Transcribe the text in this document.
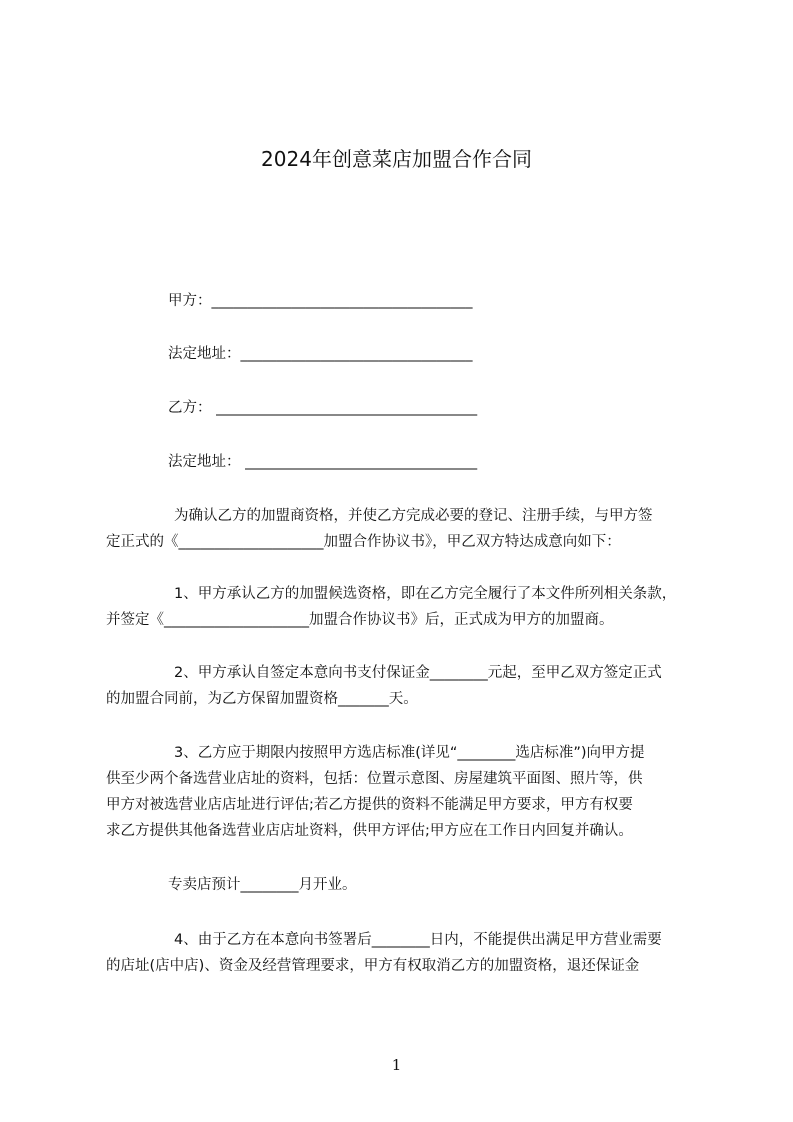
2024年创意菜店加盟合作合同
甲方：____________________________________
法定地址：________________________________
乙方： ____________________________________
法定地址： ________________________________
为确认乙方的加盟商资格，并使乙方完成必要的登记、注册手续，与甲方签
定正式的《____________________加盟合作协议书》，甲乙双方特达成意向如下：
1、甲方承认乙方的加盟候选资格，即在乙方完全履行了本文件所列相关条款，
并签定《____________________加盟合作协议书》后，正式成为甲方的加盟商。
2、甲方承认自签定本意向书支付保证金________元起，至甲乙双方签定正式
的加盟合同前，为乙方保留加盟资格_______天。
3、乙方应于期限内按照甲方选店标准(详见“________选店标准”)向甲方提
供至少两个备选营业店址的资料，包括：位置示意图、房屋建筑平面图、照片等，供
甲方对被选营业店店址进行评估;若乙方提供的资料不能满足甲方要求，甲方有权要
求乙方提供其他备选营业店店址资料，供甲方评估;甲方应在工作日内回复并确认。
专卖店预计________月开业。
4、由于乙方在本意向书签署后________日内，不能提供出满足甲方营业需要
的店址(店中店)、资金及经营管理要求，甲方有权取消乙方的加盟资格，退还保证金
1
